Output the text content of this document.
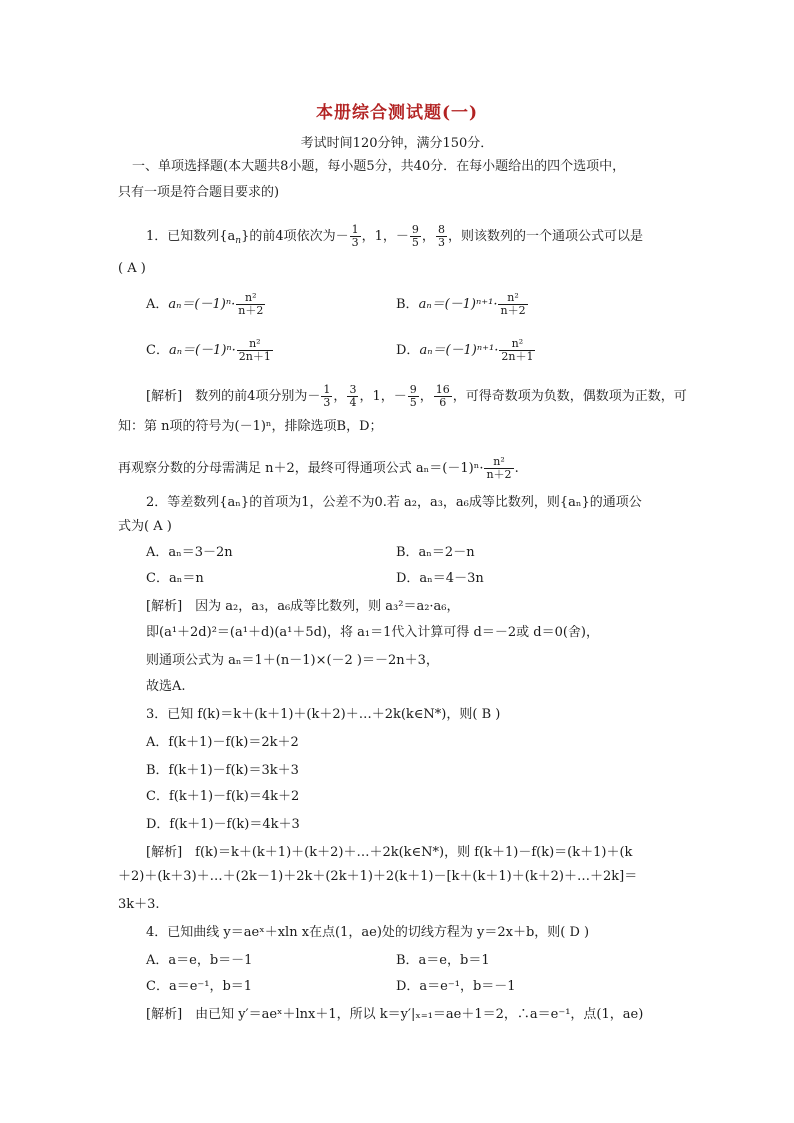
本册综合测试题(一)
考试时间120分钟，满分150分．
一、单项选择题(本大题共8小题，每小题5分，共40分．在每小题给出的四个选项中，
只有一项是符合题目要求的)
1．已知数列$\{a_n\}$的前4项依次为－ $\frac{1}{3}$ ，1，－ $\frac{9}{5}$ ， $\frac{8}{3}$ ，则该数列的一个通项公式可以是
( A )
A．$a_n=(-1)^n\cdot \frac{\text{n²}}{n+2}$	B．$a_n=(-1)^{n+1}\cdot \frac{\text{n²}}{n+2}$
C．$a_n=(-1)^n\cdot \frac{\text{n²}}{2n+1}$	D．$a_n=(-1)^{n+1}\cdot \frac{\text{n²}}{2n+1}$
[解析]　数列的前4项分别为－ $\frac{1}{3}$ ， $\frac{3}{4}$ ，1，－ $\frac{9}{5}$ ， $\frac{16}{6}$ ，可得奇数项为负数，偶数项为正数，可
知：第 n项的符号为(－1)ⁿ，排除选项B，D；
再观察分数的分母需满足 n＋2，最终可得通项公式 $a_n=(-1)^n\cdot \frac{\text{n²}}{n+2}$ .
2．等差数列{aₙ}的首项为1，公差不为0.若 a₂，a₃，a₆成等比数列，则{aₙ}的通项公
式为( A )
A．aₙ＝3－2n	B．aₙ＝2－n
C．aₙ＝n	D．aₙ＝4－3n
[解析]　因为 a₂，a₃，a₆成等比数列，则 a₃²＝a₂·a₆，
即(a¹＋2d)²＝(a¹＋d)(a¹＋5d)，将 a₁＝1代入计算可得 d＝－2或 d＝0(舍)，
则通项公式为 aₙ＝1＋(n－1)×(－2 )＝－2n＋3，
故选A.
3．已知 f(k)＝k＋(k＋1)＋(k＋2)＋…＋2k(k∈N*)，则( B )
A．f(k＋1)－f(k)＝2k＋2
B．f(k＋1)－f(k)＝3k＋3
C．f(k＋1)－f(k)＝4k＋2
D．f(k＋1)－f(k)＝4k＋3
[解析]　f(k)＝k＋(k＋1)＋(k＋2)＋…＋2k(k∈N*)，则 f(k＋1)－f(k)＝(k＋1)＋(k
＋2)＋(k＋3)＋…＋(2k－1)＋2k＋(2k＋1)＋2(k＋1)－[k＋(k＋1)＋(k＋2)＋…＋2k]＝
3k＋3.
4．已知曲线 y＝aeˣ＋xln x在点(1，ae)处的切线方程为 y＝2x＋b，则( D )
A．a＝e，b＝－1	B．a＝e，b＝1
C．a＝e⁻¹，b＝1	D．a＝e⁻¹，b＝－1
[解析]　由已知 y′＝aeˣ＋lnx＋1，所以 k＝y′|ₓ₌₁＝ae＋1＝2，∴a＝e⁻¹，点(1，ae)
